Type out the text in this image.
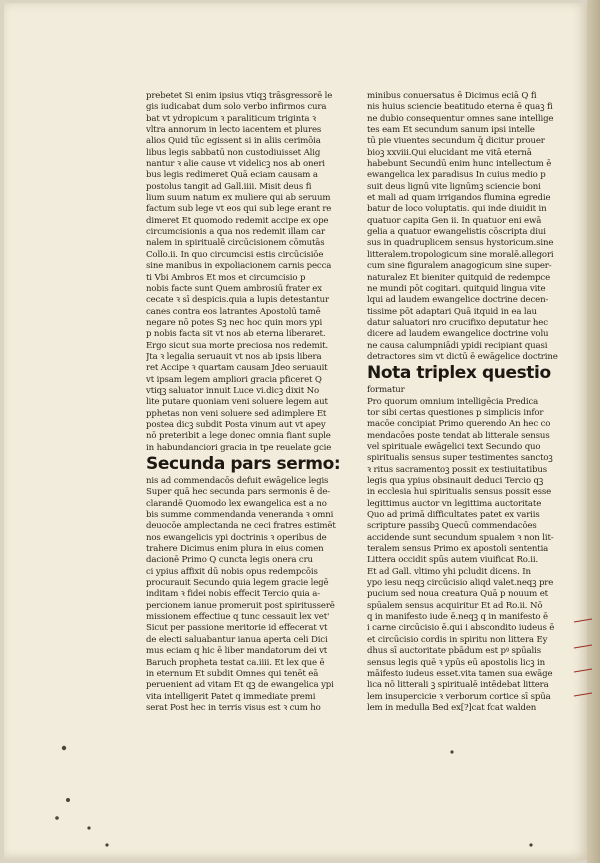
prebetet Si enim ipsius vtiqꝫ trāsgressorē le
gis iudicabat dum solo verbo infirmos cura
bat vt ydropicum ꝛ paraliticum triginta ꝛ
vltra annorum in lecto iacentem et plures
alios Quid tūc egissent si in aliis cerimōia
libus legis sabbatū non custodiuisset Alig
nantur ꝛ alie cause vt videlicꝫ nos ab oneri
bus legis redimeret Quā eciam causam a
postolus tangit ad Gall.iiii. Misit deus fi
lium suum natum ex muliere qui ab seruum
factum sub lege vt eos qui sub lege erant re
dimeret Et quomodo redemit accipe ex ope
circumcisionis a qua nos redemit illam car
nalem in spiritualē circūcisionem cōmutās
Collo.ii. In quo circumcisi estis circūcisiōe
sine manibus in expoliacionem carnis pecca
ti Vbi Ambros Et mos et circumcisio p
nobis facte sunt Quem ambrosiū frater ex
cecate ꝛ sī despicis.quia a lupis detestantur
canes contra eos latrantes Apostolū tamē
negare nō potes Sꝫ nec hoc quin mors ypi
p nobis facta sit vt nos ab eterna liberaret.
Ergo sicut sua morte preciosa nos redemit.
Jta ꝛ legalia seruauit vt nos ab ipsis libera
ret Accipe ꝛ quartam causam Jdeo seruauit
vt ipsam legem ampliori gracia pficeret Q
vtiqꝫ saluator innuit Luce vi.dicꝫ dixit No
lite putare quoniam veni soluere legem aut
pphetas non veni soluere sed adimplere Et
postea dicꝫ subdit Posta vinum aut vt apey
nō preteribit a lege donec omnia fiant suple
in habundanciori gracia in tpe reuelate gcie
Secunda pars sermo:
nis ad commendacōs defuit ewāgelice legis
Super quā hec secunda pars sermonis ē de-
clarandē Quomodo lex ewangelica est a no
bis summe commendanda veneranda ꝛ omni
deuocōe amplectanda ne ceci fratres estimēt
nos ewangelicis ypi doctrinis ꝛ operibus de
trahere Dicimus enim plura in eius comen
dacionē Primo Q cuncta legis onera cru
ci ypius affixit dū nobis opus redempcōis
procurauit Secundo quia legem gracie legē
inditam ꝛ fidei nobis effecit Tercio quia a-
percionem ianue promeruit post spiritusserē
missionem effectiue q tunc cessauit lex vet'
Sicut per passione meritorie id effecerat vt
de electi saluabantur ianua aperta celi Dici
mus eciam q hic ē liber mandatorum dei vt
Baruch propheta testat ca.iiii. Et lex que ē
in eternum Et subdit Omnes qui tenēt eā
peruenient ad vitam Et qꝫ de ewangelica ypi
vita intelligerit Patet q immediate premi
serat Post hec in terris visus est ꝛ cum ho
minibus conuersatus ē Dicimus eciā Q fi
nis huius sciencie beatitudo eterna ē quaꝫ fi
ne dubio consequentur omnes sane intellige
tes eam Et secundum sanum ipsi intelle
tū pie viuentes secundum q̄ dicitur prouer
bioꝫ xxviii.Qui elucidant me vitā eternā
habebunt Secundū enim hunc intellectum ē
ewangelica lex paradisus In cuius medio p
suit deus lignū vite lignūmꝫ sciencie boni
et mali ad quam irrigandos flumina egredie
batur de loco voluptatis. qui inde diuidit in
quatuor capita Gen ii. In quatuor eni ewā
gelia a quatuor ewangelistis cōscripta diui
sus in quadruplicem sensus hystoricum.sine
litteralem.tropologicum sine moralē.allegori
cum sine figuralem anagogicum sine super-
naturalez Et bieniter quitquid de redempce
ne mundi pōt cogitari. quitquid lingua vite
lqui ad laudem ewangelice doctrine decen-
tissime pōt adaptari Quā itquid in ea lau
datur saluatori nro crucifixo deputatur hec
dicere ad laudem ewangelice doctrine volu
ne causa calumpniādi ypidi recipiant quasi
detractores sim vt dictū ē ewāgelice doctrine
Nota triplex questio
formatur
Pro quorum omnium intelligēcia Predica
tor sibi certas questiones p simplicis infor
macōe concipiat Primo querendo An hec co
mendacōes poste tendat ab litterale sensus
vel spirituale ewāgelici text Secundo quo
spiritualis sensus super testimentes sanctoꝫ
ꝛ ritus sacramentoꝫ possit ex testiuitatibus
legis qua ypius obsinauit deduci Tercio qꝫ
in ecclesia hui spiritualis sensus possit esse
legittimus auctor vn legittima auctoritate
Quo ad primā difficultates patet ex variis
scripture passibꝫ Quecū commendacōes
accidende sunt secundum spualem ꝛ non lit-
teralem sensus Primo ex apostoli sententia
Littera occidit spūs autem viuificat Ro.ii.
Et ad Gall. vltimo yhi pcludit dicens. In
ypo iesu neqꝫ circūcisio aliqd valet.neqꝫ pre
pucium sed noua creatura Quā p nouum et
spūalem sensus acquiritur Et ad Ro.ii. Nō
q in manifesto iude ē.neqꝫ q in manifesto ē
i carne circūcisio ē.qui i abscondito iudeus ē
et circūcisio cordis in spiritu non littera Ey
dhus sī auctoritate pbādum est pꝰ spūalis
sensus legis quē ꝛ ypūs eū apostolis licꝫ in
māifesto iudeus esset.vita tamen sua ewāge
lica nō litterali ꝫ spiritualē intēdebat littera
lem insupercicie ꝛ verborum cortice sī spūa
lem in medulla Bed ex[?]cat fcat walden
